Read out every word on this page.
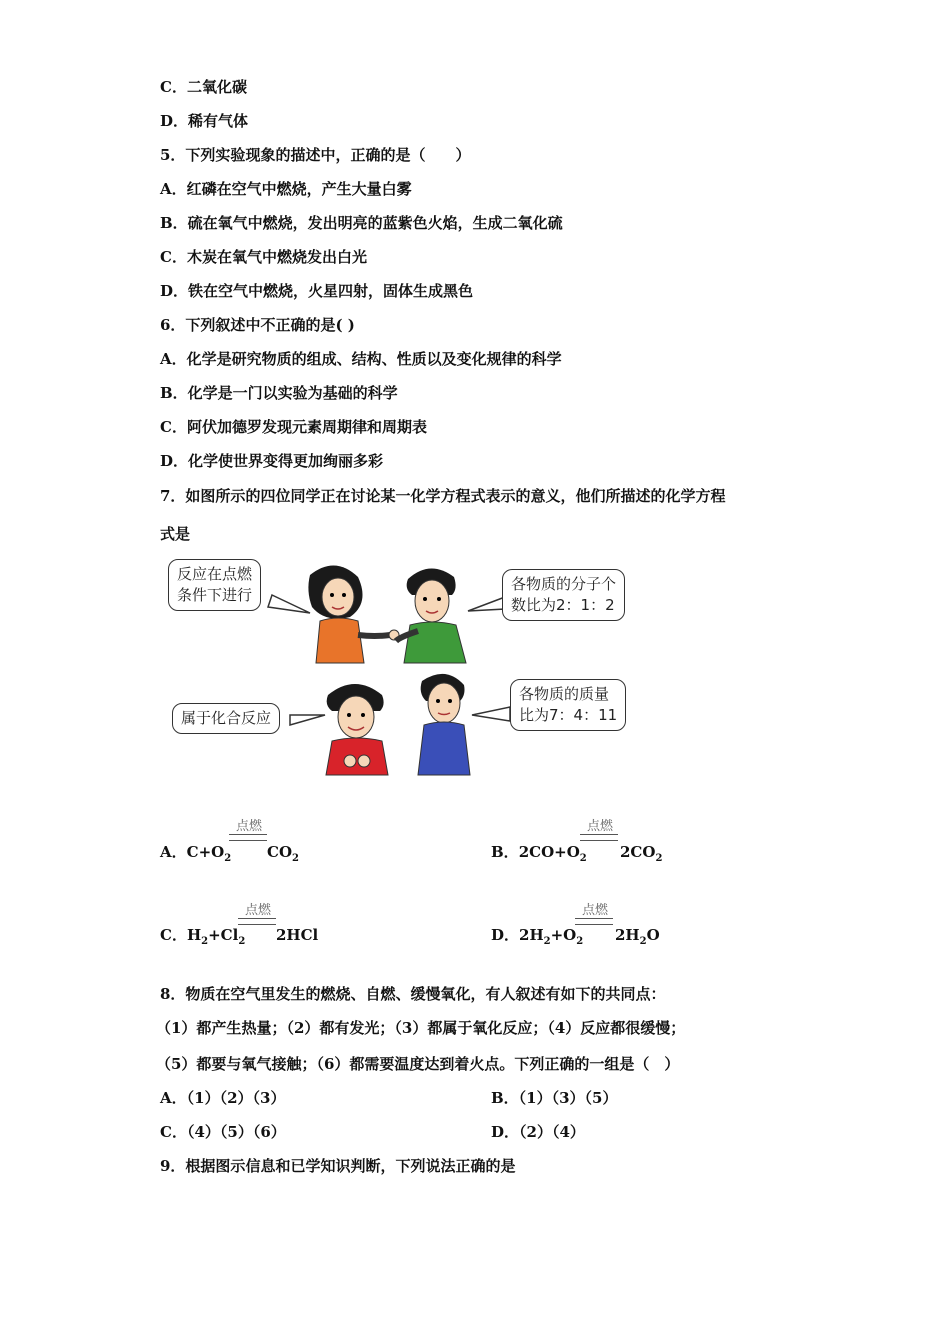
C．二氧化碳
D．稀有气体
5．下列实验现象的描述中，正确的是（　　）
A．红磷在空气中燃烧，产生大量白雾
B．硫在氧气中燃烧，发出明亮的蓝紫色火焰，生成二氧化硫
C．木炭在氧气中燃烧发出白光
D．铁在空气中燃烧，火星四射，固体生成黑色
6．下列叙述中不正确的是( )
A．化学是研究物质的组成、结构、性质以及变化规律的科学
B．化学是一门以实验为基础的科学
C．阿伏加德罗发现元素周期律和周期表
D．化学使世界变得更加绚丽多彩
7．如图所示的四位同学正在讨论某一化学方程式表示的意义，他们所描述的化学方程
式是
反应在点燃
条件下进行
各物质的分子个
数比为2：1：2
属于化合反应
各物质的质量
比为7：4：11
点燃
A．$C+O_2$ $CO_2$
点燃
B．$2CO+O_2$ $2CO_2$
点燃
C．$H_2+Cl_2$ 2HCl
点燃
D．$2H_2+O_2$ $2H_2O$
8．物质在空气里发生的燃烧、自燃、缓慢氧化，有人叙述有如下的共同点：
（1）都产生热量；（2）都有发光；（3）都属于氧化反应；（4）反应都很缓慢；
（5）都要与氧气接触；（6）都需要温度达到着火点。下列正确的一组是（　）
A．（1）（2）（3）	B．（1）（3）（5）
C．（4）（5）（6）	D．（2）（4）
9．根据图示信息和已学知识判断，下列说法正确的是
